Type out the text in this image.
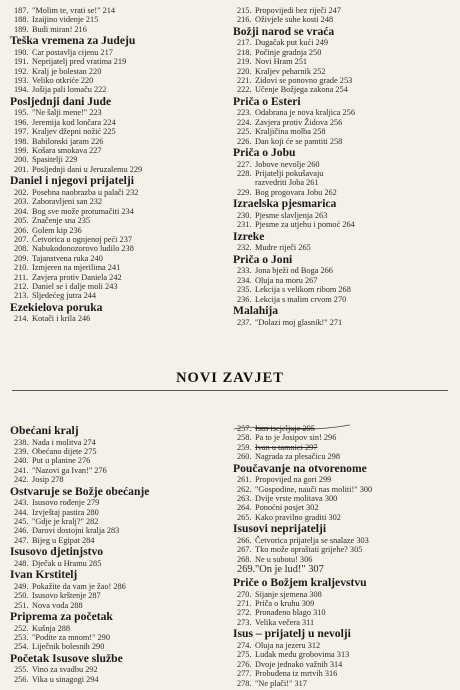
187. "Molim te, vrati se!" 214
188. Izaijino videnje 215
189. Budi miran! 216
Teška vremena za Judeju
190. Car postavlja cijenu 217
191. Neprijatelj pred vratima 219
192. Kralj je bolestan 220
193. Veliko otkriće 220
194. Jošija pali lomaču 222
Posljednji dani Jude
195. "Ne šalji mene!" 223
196. Jeremija kod lončara 224
197. Kraljev džepni nožić 225
198. Babilonski jaram 226
199. Košara smokava 227
200. Spasitelji 229
201. Posljednji dani u Jeruzalemu 229
Daniel i njegovi prijatelji
202. Posebna naobrazba u palači 232
203. Zaboravljeni san 232
204. Bog sve može protumačiti 234
205. Značenje sna 235
206. Golem kip 236
207. Četvorica u ognjenoj peći 237
208. Nabukodonozorovo ludilo 238
209. Tajanstvena ruka 240
210. Izmjeren na mjerilima 241
211. Zavjera protiv Daniela 242
212. Daniel se i dalje moli 243
213. Sljedećeg jutra 244
Ezekielova poruka
214. Kotači i krila 246
215. Propovijedi bez riječi 247
216. Oživjele suhe kosti 248
Božji narod se vraća
217. Dugačak put kući 249
218. Počinje gradnja 250
219. Novi Hram 251
220. Kraljev peharnik 252
221. Zidovi se ponovno grade 253
222. Učenje Božjega zakona 254
Priča o Esteri
223. Odabrana je nova kraljica 256
224. Zavjera protiv Židova 256
225. Kraljičina molba 258
226. Dan koji će se pamtiti 258
Priča o Jobu
227. Jobove nevolje 260
228. Prijatelji pokušavaju
razvedriti Joba 261
229. Bog progovara Jobu 262
Izraelska pjesmarica
230. Pjesme slavljenja 263
231. Pjesme za utjehu i pomoć 264
Izreke
232. Mudre riječi 265
Priča o Joni
233. Jona bježi od Boga 266
234. Oluja na moru 267
235. Lekcija s velikom ribom 268
236. Lekcija s malim crvom 270
Malahija
237. "Dolazi moj glasnik!" 271
NOVI ZAVJET
Obećani kralj
238. Nada i molitva 274
239. Obećano dijete 275
240. Put u planine 276
241. "Nazovi ga Ivan!" 276
242. Josip 278
Ostvaruje se Božje obećanje
243. Isusovo rođenje 279
244. Izvještaj pastira 280
245. "Gdje je kralj?" 282
246. Darovi dostojni kralja 283
247. Bijeg u Egipat 284
Isusovo djetinjstvo
248. Dječak u Hramu 285
Ivan Krstitelj
249. Pokažite da vam je žao! 286
250. Isusovo krštenje 287
251. Nova voda 288
Priprema za početak
252. Kušnja 288
253. "Podite za mnom!" 290
254. Liječnik bolesnih 290
Početak Isusove službe
255. Vino za svadbu 292
256. Vika u sinagogi 294
257. Isus iscjeljuje 295
258. Pa to je Josipov sin! 296
259. Ivan u tamnici 297
260. Nagrada za plesačicu 298
Poučavanje na otvorenome
261. Propovijed na gori 299
262. "Gospodine, nauči nas moliti!" 300
263. Dvije vrste molitava 300
264. Ponoćni posjet 302
265. Kako pravilno graditi 302
Isusovi neprijatelji
266. Četvorica prijatelja se snalaze 303
267. Tko može opraštati grijehe? 305
268. Ne u subotu! 306
269."On je lud!" 307
Priče o Božjem kraljevstvu
270. Sijanje sjemena 308
271. Priča o kruhu 309
272. Pronađeno blago 310
273. Velika večera 311
Isus – prijatelj u nevolji
274. Oluja na jezeru 312
275. Luđak među grobovima 313
276. Dvoje jednako važnih 314
277. Probuđena iz mrtvih 316
278. "Ne plači!" 317
